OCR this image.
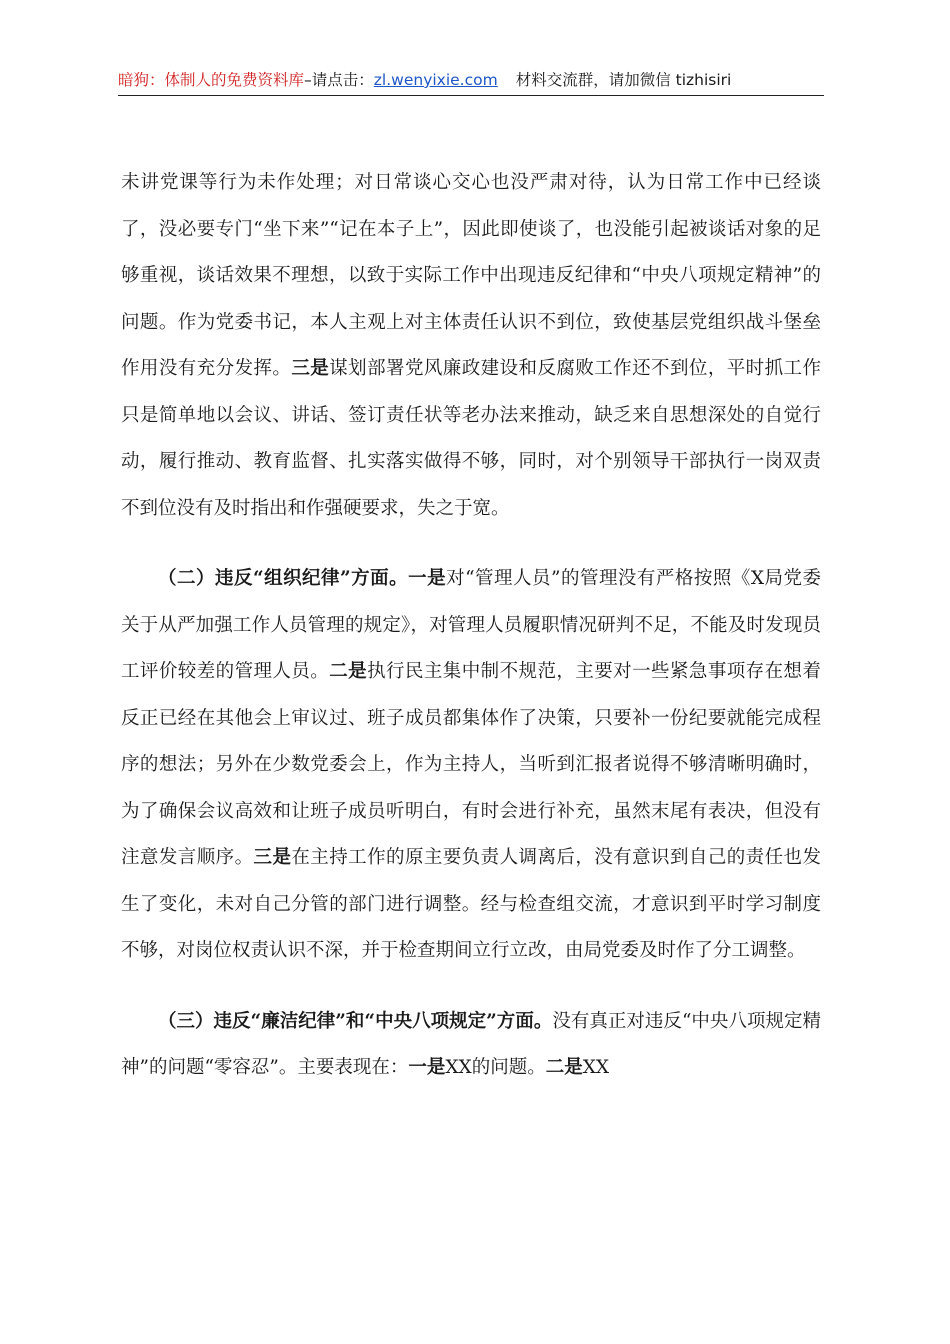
暗狗：体制人的免费资料库–请点击：zl.wenyixie.com 材料交流群，请加微信 tizhisiri

未讲党课等行为未作处理；对日常谈心交心也没严肃对待，认为日常工作中已经谈了，没必要专门“坐下来”“记在本子上”，因此即使谈了，也没能引起被谈话对象的足够重视，谈话效果不理想，以致于实际工作中出现违反纪律和“中央八项规定精神”的问题。作为党委书记，本人主观上对主体责任认识不到位，致使基层党组织战斗堡垒作用没有充分发挥。三是谋划部署党风廉政建设和反腐败工作还不到位，平时抓工作只是简单地以会议、讲话、签订责任状等老办法来推动，缺乏来自思想深处的自觉行动，履行推动、教育监督、扎实落实做得不够，同时，对个别领导干部执行一岗双责不到位没有及时指出和作强硬要求，失之于宽。

（二）违反“组织纪律”方面。一是对“管理人员”的管理没有严格按照《X局党委关于从严加强工作人员管理的规定》，对管理人员履职情况研判不足，不能及时发现员工评价较差的管理人员。二是执行民主集中制不规范，主要对一些紧急事项存在想着反正已经在其他会上审议过、班子成员都集体作了决策，只要补一份纪要就能完成程序的想法；另外在少数党委会上，作为主持人，当听到汇报者说得不够清晰明确时，为了确保会议高效和让班子成员听明白，有时会进行补充，虽然末尾有表决，但没有注意发言顺序。三是在主持工作的原主要负责人调离后，没有意识到自己的责任也发生了变化，未对自己分管的部门进行调整。经与检查组交流，才意识到平时学习制度不够，对岗位权责认识不深，并于检查期间立行立改，由局党委及时作了分工调整。

（三）违反“廉洁纪律”和“中央八项规定”方面。没有真正对违反“中央八项规定精神”的问题“零容忍”。主要表现在：一是XX的问题。二是XX
